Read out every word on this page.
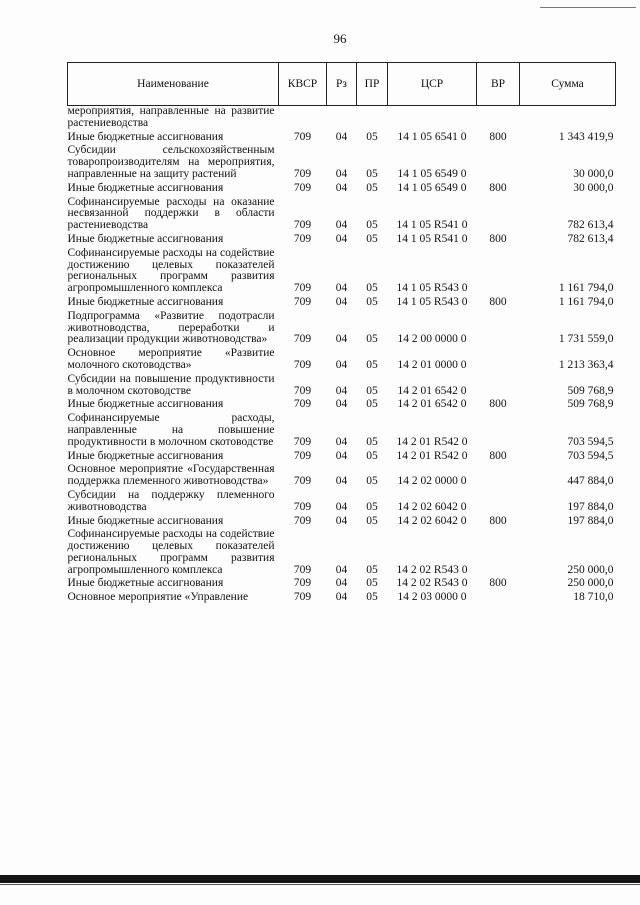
96
Наименование	КВСР	Рз	ПР	ЦСР	ВР	Сумма
мероприятия, направленные на развитие растениеводства						
Иные бюджетные ассигнования	709	04	05	14 1 05 6541 0	800	1 343 419,9
Субсидии сельскохозяйственным товаропроизводителям на мероприятия, направленные на защиту растений	709	04	05	14 1 05 6549 0		30 000,0
Иные бюджетные ассигнования	709	04	05	14 1 05 6549 0	800	30 000,0
Софинансируемые расходы на оказание несвязанной поддержки в области растениеводства	709	04	05	14 1 05 R541 0		782 613,4
Иные бюджетные ассигнования	709	04	05	14 1 05 R541 0	800	782 613,4
Софинансируемые расходы на содействие достижению целевых показателей региональных программ развития агропромышленного комплекса	709	04	05	14 1 05 R543 0		1 161 794,0
Иные бюджетные ассигнования	709	04	05	14 1 05 R543 0	800	1 161 794,0
Подпрограмма «Развитие подотрасли животноводства, переработки и реализации продукции животноводства»	709	04	05	14 2 00 0000 0		1 731 559,0
Основное мероприятие «Развитие молочного скотоводства»	709	04	05	14 2 01 0000 0		1 213 363,4
Субсидии на повышение продуктивности в молочном скотоводстве	709	04	05	14 2 01 6542 0		509 768,9
Иные бюджетные ассигнования	709	04	05	14 2 01 6542 0	800	509 768,9
Софинансируемые расходы, направленные на повышение продуктивности в молочном скотоводстве	709	04	05	14 2 01 R542 0		703 594,5
Иные бюджетные ассигнования	709	04	05	14 2 01 R542 0	800	703 594,5
Основное мероприятие «Государственная поддержка племенного животноводства»	709	04	05	14 2 02 0000 0		447 884,0
Субсидии на поддержку племенного животноводства	709	04	05	14 2 02 6042 0		197 884,0
Иные бюджетные ассигнования	709	04	05	14 2 02 6042 0	800	197 884,0
Софинансируемые расходы на содействие достижению целевых показателей региональных программ развития агропромышленного комплекса	709	04	05	14 2 02 R543 0		250 000,0
Иные бюджетные ассигнования	709	04	05	14 2 02 R543 0	800	250 000,0
Основное мероприятие «Управление	709	04	05	14 2 03 0000 0		18 710,0
